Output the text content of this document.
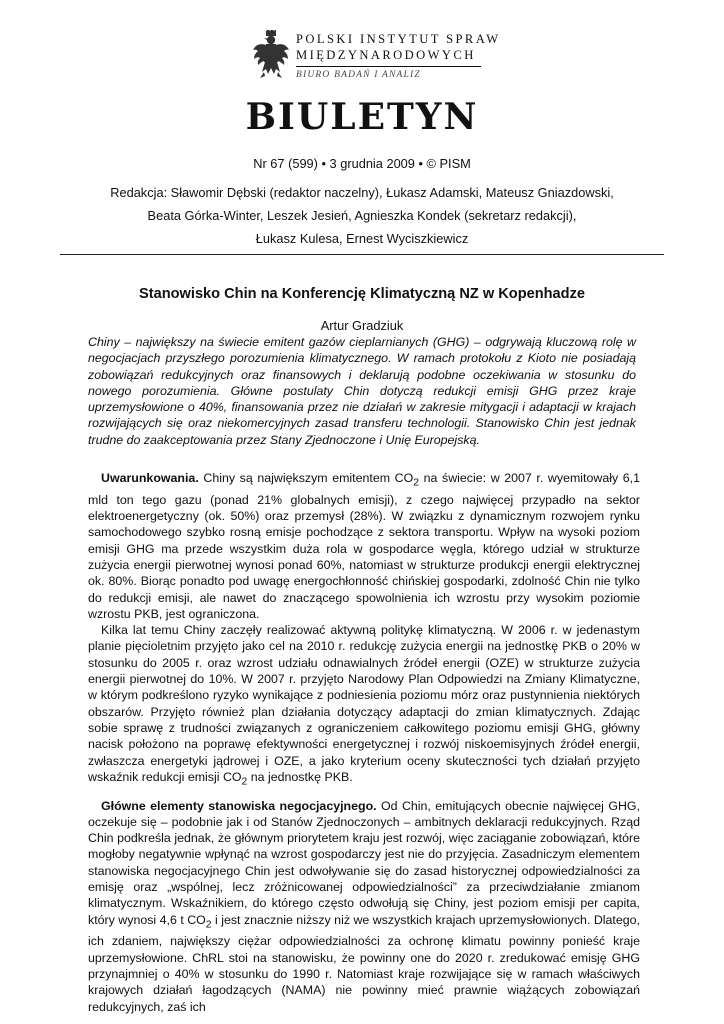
POLSKI INSTYTUT SPRAW
MIĘDZYNARODOWYCH
BIURO BADAŃ I ANALIZ
BIULETYN
Nr 67 (599) • 3 grudnia 2009 • © PISM
Redakcja: Sławomir Dębski (redaktor naczelny), Łukasz Adamski, Mateusz Gniazdowski,
Beata Górka-Winter, Leszek Jesień, Agnieszka Kondek (sekretarz redakcji),
Łukasz Kulesa, Ernest Wyciszkiewicz
Stanowisko Chin na Konferencję Klimatyczną NZ w Kopenhadze
Artur Gradziuk

Chiny – największy na świecie emitent gazów cieplarnianych (GHG) – odgrywają kluczową rolę w negocjacjach przyszłego porozumienia klimatycznego. W ramach protokołu z Kioto nie posiadają zobowiązań redukcyjnych oraz finansowych i deklarują podobne oczekiwania w stosunku do nowego porozumienia. Główne postulaty Chin dotyczą redukcji emisji GHG przez kraje uprzemysłowione o 40%, finansowania przez nie działań w zakresie mitygacji i adaptacji w krajach rozwijających się oraz niekomercyjnych zasad transferu technologii. Stanowisko Chin jest jednak trudne do zaakceptowania przez Stany Zjednoczone i Unię Europejską.

Uwarunkowania. Chiny są największym emitentem $CO_2$ na świecie: w 2007 r. wyemitowały 6,1 mld ton tego gazu (ponad 21% globalnych emisji), z czego najwięcej przypadło na sektor elektroenergetyczny (ok. 50%) oraz przemysł (28%). W związku z dynamicznym rozwojem rynku samochodowego szybko rosną emisje pochodzące z sektora transportu. Wpływ na wysoki poziom emisji GHG ma przede wszystkim duża rola w gospodarce węgla, którego udział w strukturze zużycia energii pierwotnej wynosi ponad 60%, natomiast w strukturze produkcji energii elektrycznej ok. 80%. Biorąc ponadto pod uwagę energochłonność chińskiej gospodarki, zdolność Chin nie tylko do redukcji emisji, ale nawet do znaczącego spowolnienia ich wzrostu przy wysokim poziomie wzrostu PKB, jest ograniczona.

Kilka lat temu Chiny zaczęły realizować aktywną politykę klimatyczną. W 2006 r. w jedenastym planie pięcioletnim przyjęto jako cel na 2010 r. redukcję zużycia energii na jednostkę PKB o 20% w stosunku do 2005 r. oraz wzrost udziału odnawialnych źródeł energii (OZE) w strukturze zużycia energii pierwotnej do 10%. W 2007 r. przyjęto Narodowy Plan Odpowiedzi na Zmiany Klimatyczne, w którym podkreślono ryzyko wynikające z podniesienia poziomu mórz oraz pustynnienia niektórych obszarów. Przyjęto również plan działania dotyczący adaptacji do zmian klimatycznych. Zdając sobie sprawę z trudności związanych z ograniczeniem całkowitego poziomu emisji GHG, główny nacisk położono na poprawę efektywności energetycznej i rozwój niskoemisyjnych źródeł energii, zwłaszcza energetyki jądrowej i OZE, a jako kryterium oceny skuteczności tych działań przyjęto wskaźnik redukcji emisji $CO_2$ na jednostkę PKB.

Główne elementy stanowiska negocjacyjnego. Od Chin, emitujących obecnie najwięcej GHG, oczekuje się – podobnie jak i od Stanów Zjednoczonych – ambitnych deklaracji redukcyjnych. Rząd Chin podkreśla jednak, że głównym priorytetem kraju jest rozwój, więc zaciąganie zobowiązań, które mogłoby negatywnie wpłynąć na wzrost gospodarczy jest nie do przyjęcia. Zasadniczym elementem stanowiska negocjacyjnego Chin jest odwoływanie się do zasad historycznej odpowiedzialności za emisję oraz „wspólnej, lecz zróżnicowanej odpowiedzialności” za przeciwdziałanie zmianom klimatycznym. Wskaźnikiem, do którego często odwołują się Chiny, jest poziom emisji per capita, który wynosi 4,6 t $CO_2$ i jest znacznie niższy niż we wszystkich krajach uprzemysłowionych. Dlatego, ich zdaniem, największy ciężar odpowiedzialności za ochronę klimatu powinny ponieść kraje uprzemysłowione. ChRL stoi na stanowisku, że powinny one do 2020 r. zredukować emisję GHG przynajmniej o 40% w stosunku do 1990 r. Natomiast kraje rozwijające się w ramach właściwych krajowych działań łagodzących (NAMA) nie powinny mieć prawnie wiążących zobowiązań redukcyjnych, zaś ich
